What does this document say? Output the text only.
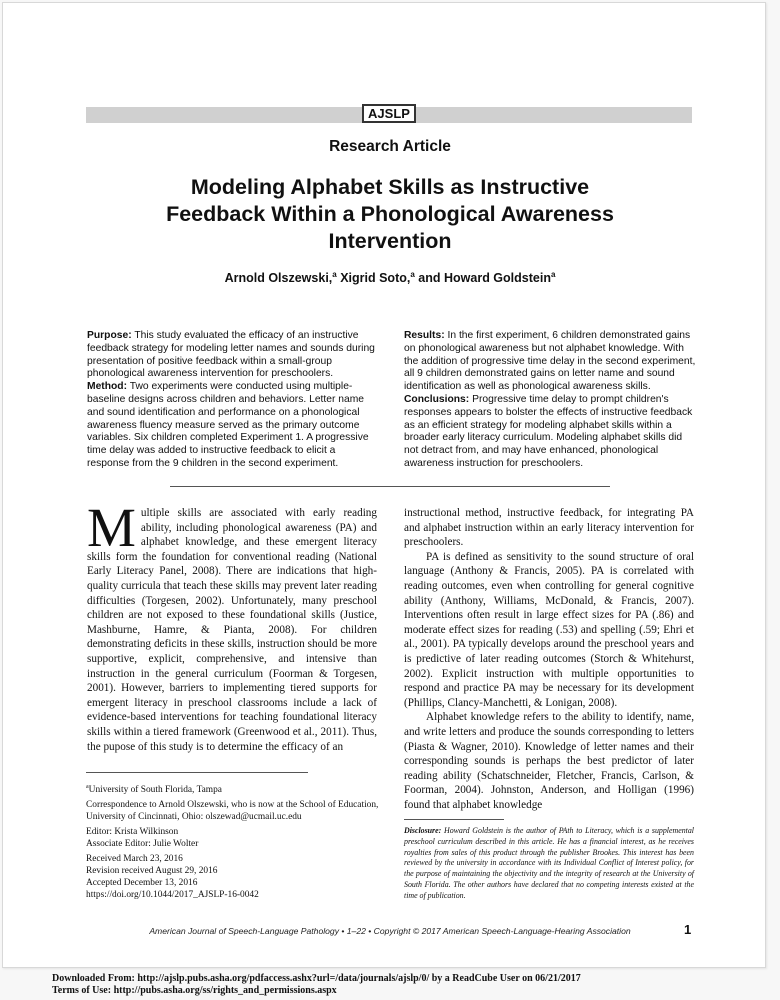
AJSLP
Research Article
Modeling Alphabet Skills as Instructive Feedback Within a Phonological Awareness Intervention
Arnold Olszewski,$^a$ Xigrid Soto,$^a$ and Howard Goldstein$^a$

Purpose: This study evaluated the efficacy of an instructive feedback strategy for modeling letter names and sounds during presentation of positive feedback within a small-group phonological awareness intervention for preschoolers.

Method: Two experiments were conducted using multiple-baseline designs across children and behaviors. Letter name and sound identification and performance on a phonological awareness fluency measure served as the primary outcome variables. Six children completed Experiment 1. A progressive time delay was added to instructive feedback to elicit a response from the 9 children in the second experiment.

Results: In the first experiment, 6 children demonstrated gains on phonological awareness but not alphabet knowledge. With the addition of progressive time delay in the second experiment, all 9 children demonstrated gains on letter name and sound identification as well as phonological awareness skills.

Conclusions: Progressive time delay to prompt children's responses appears to bolster the effects of instructive feedback as an efficient strategy for modeling alphabet skills within a broader early literacy curriculum. Modeling alphabet skills did not detract from, and may have enhanced, phonological awareness instruction for preschoolers.

Multiple skills are associated with early reading ability, including phonological awareness (PA) and alphabet knowledge, and these emergent literacy skills form the foundation for conventional reading (National Early Literacy Panel, 2008). There are indications that high-quality curricula that teach these skills may prevent later reading difficulties (Torgesen, 2002). Unfortunately, many preschool children are not exposed to these foundational skills (Justice, Mashburne, Hamre, & Pianta, 2008). For children demonstrating deficits in these skills, instruction should be more supportive, explicit, comprehensive, and intensive than instruction in the general curriculum (Foorman & Torgesen, 2001). However, barriers to implementing tiered supports for emergent literacy in preschool classrooms include a lack of evidence-based interventions for teaching foundational literacy skills within a tiered framework (Greenwood et al., 2011). Thus, the pupose of this study is to determine the efficacy of an

instructional method, instructive feedback, for integrating PA and alphabet instruction within an early literacy intervention for preschoolers.

PA is defined as sensitivity to the sound structure of oral language (Anthony & Francis, 2005). PA is correlated with reading outcomes, even when controlling for general cognitive ability (Anthony, Williams, McDonald, & Francis, 2007). Interventions often result in large effect sizes for PA (.86) and moderate effect sizes for reading (.53) and spelling (.59; Ehri et al., 2001). PA typically develops around the preschool years and is predictive of later reading outcomes (Storch & Whitehurst, 2002). Explicit instruction with multiple opportunities to respond and practice PA may be necessary for its development (Phillips, Clancy-Manchetti, & Lonigan, 2008).

Alphabet knowledge refers to the ability to identify, name, and write letters and produce the sounds corresponding to letters (Piasta & Wagner, 2010). Knowledge of letter names and their corresponding sounds is perhaps the best predictor of later reading ability (Schatschneider, Fletcher, Francis, Carlson, & Foorman, 2004). Johnston, Anderson, and Holligan (1996) found that alphabet knowledge

$^a$University of South Florida, Tampa

Correspondence to Arnold Olszewski, who is now at the School of Education, University of Cincinnati, Ohio: olszewad@ucmail.uc.edu

Editor: Krista Wilkinson

Associate Editor: Julie Wolter

Received March 23, 2016

Revision received August 29, 2016

Accepted December 13, 2016

https://doi.org/10.1044/2017_AJSLP-16-0042

Disclosure: Howard Goldstein is the author of PAth to Literacy, which is a supplemental preschool curriculum described in this article. He has a financial interest, as he receives royalties from sales of this product through the publisher Brookes. This interest has been reviewed by the university in accordance with its Individual Conflict of Interest policy, for the purpose of maintaining the objectivity and the integrity of research at the University of South Florida. The other authors have declared that no competing interests existed at the time of publication.
American Journal of Speech-Language Pathology • 1–22 • Copyright © 2017 American Speech-Language-Hearing Association	1
Downloaded From: http://ajslp.pubs.asha.org/pdfaccess.ashx?url=/data/journals/ajslp/0/ by a ReadCube User on 06/21/2017
Terms of Use: http://pubs.asha.org/ss/rights_and_permissions.aspx
